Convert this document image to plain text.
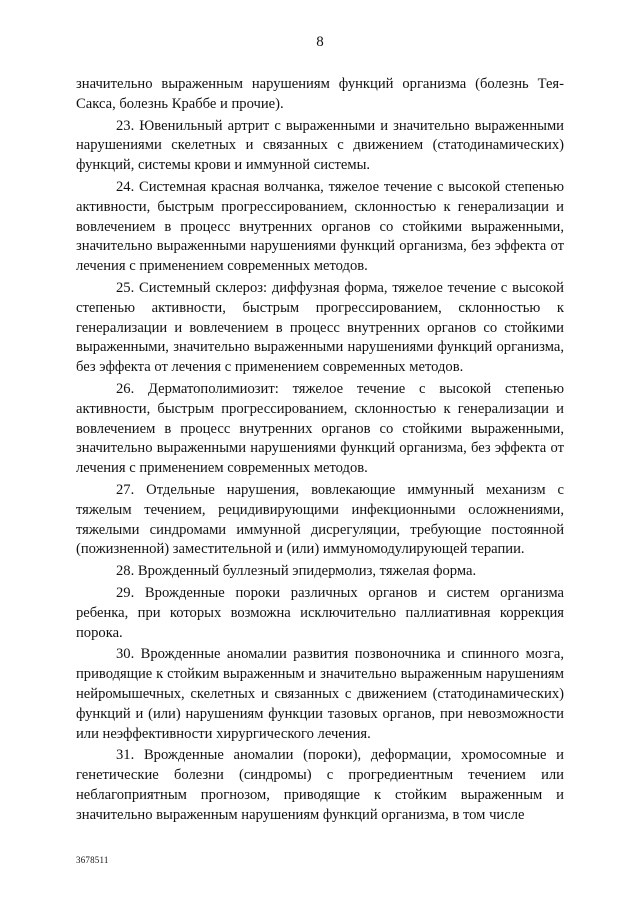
8

значительно выраженным нарушениям функций организма (болезнь Тея-Сакса, болезнь Краббе и прочие).

23. Ювенильный артрит с выраженными и значительно выраженными нарушениями скелетных и связанных с движением (статодинамических) функций, системы крови и иммунной системы.

24. Системная красная волчанка, тяжелое течение с высокой степенью активности, быстрым прогрессированием, склонностью к генерализации и вовлечением в процесс внутренних органов со стойкими выраженными, значительно выраженными нарушениями функций организма, без эффекта от лечения с применением современных методов.

25. Системный склероз: диффузная форма, тяжелое течение с высокой степенью активности, быстрым прогрессированием, склонностью к генерализации и вовлечением в процесс внутренних органов со стойкими выраженными, значительно выраженными нарушениями функций организма, без эффекта от лечения с применением современных методов.

26. Дерматополимиозит: тяжелое течение с высокой степенью активности, быстрым прогрессированием, склонностью к генерализации и вовлечением в процесс внутренних органов со стойкими выраженными, значительно выраженными нарушениями функций организма, без эффекта от лечения с применением современных методов.

27. Отдельные нарушения, вовлекающие иммунный механизм с тяжелым течением, рецидивирующими инфекционными осложнениями, тяжелыми синдромами иммунной дисрегуляции, требующие постоянной (пожизненной) заместительной и (или) иммуномодулирующей терапии.

28. Врожденный буллезный эпидермолиз, тяжелая форма.

29. Врожденные пороки различных органов и систем организма ребенка, при которых возможна исключительно паллиативная коррекция порока.

30. Врожденные аномалии развития позвоночника и спинного мозга, приводящие к стойким выраженным и значительно выраженным нарушениям нейромышечных, скелетных и связанных с движением (статодинамических) функций и (или) нарушениям функции тазовых органов, при невозможности или неэффективности хирургического лечения.

31. Врожденные аномалии (пороки), деформации, хромосомные и генетические болезни (синдромы) с прогредиентным течением или неблагоприятным прогнозом, приводящие к стойким выраженным и значительно выраженным нарушениям функций организма, в том числе

3678511
